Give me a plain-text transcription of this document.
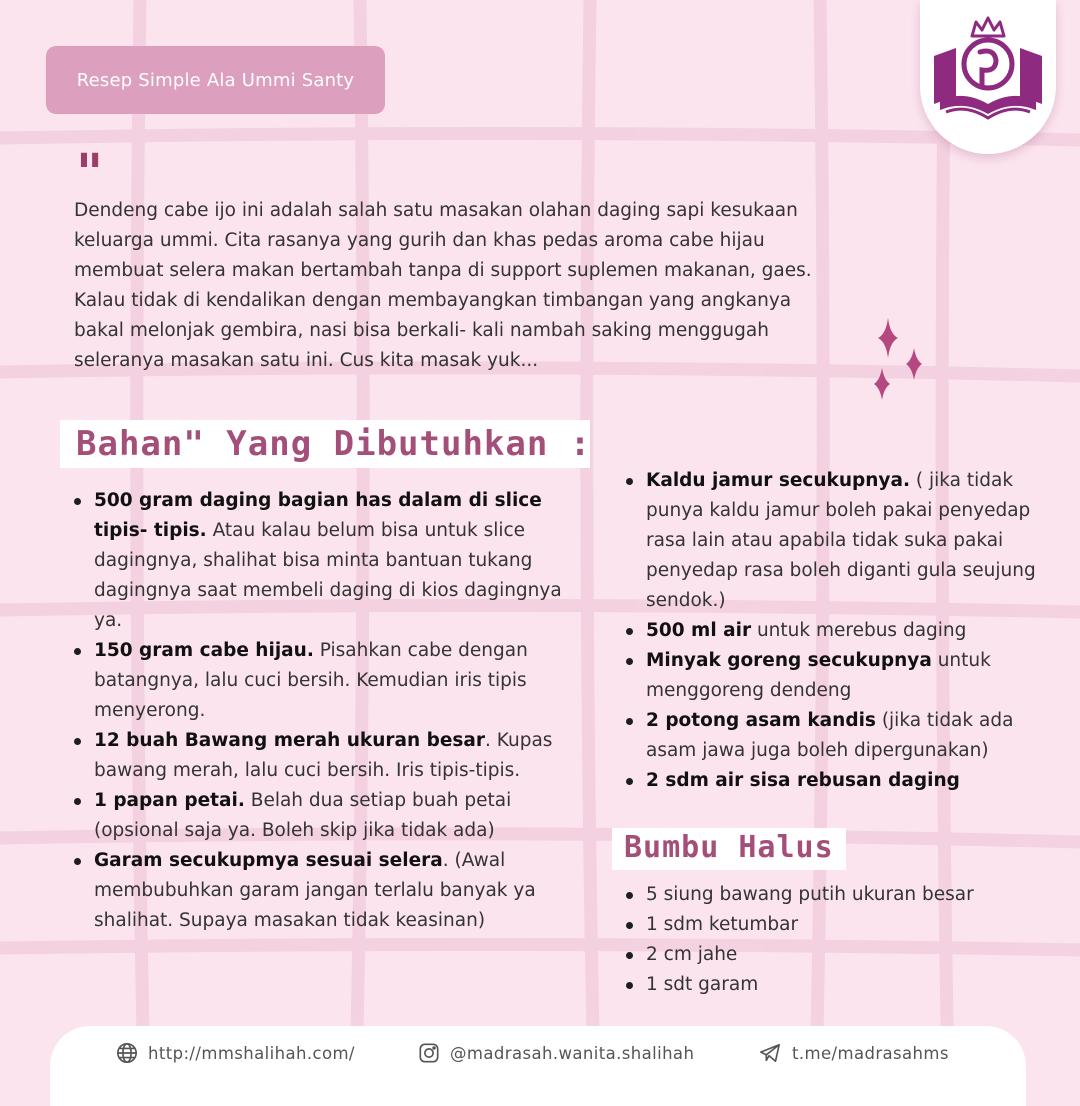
Resep Simple Ala Ummi Santy
"
Dendeng cabe ijo ini adalah salah satu masakan olahan daging sapi kesukaan
keluarga ummi. Cita rasanya yang gurih dan khas pedas aroma cabe hijau
membuat selera makan bertambah tanpa di support suplemen makanan, gaes.
Kalau tidak di kendalikan dengan membayangkan timbangan yang angkanya
bakal melonjak gembira, nasi bisa berkali- kali nambah saking menggugah
seleranya masakan satu ini. Cus kita masak yuk...
Bahan" Yang Dibutuhkan :
500 gram daging bagian has dalam di slice tipis- tipis. Atau kalau belum bisa untuk slice dagingnya, shalihat bisa minta bantuan tukang dagingnya saat membeli daging di kios dagingnya ya.
150 gram cabe hijau. Pisahkan cabe dengan batangnya, lalu cuci bersih. Kemudian iris tipis menyerong.
12 buah Bawang merah ukuran besar. Kupas bawang merah, lalu cuci bersih. Iris tipis-tipis.
1 papan petai. Belah dua setiap buah petai (opsional saja ya. Boleh skip jika tidak ada)
Garam secukupmya sesuai selera. (Awal membubuhkan garam jangan terlalu banyak ya shalihat. Supaya masakan tidak keasinan)
Kaldu jamur secukupnya. ( jika tidak punya kaldu jamur boleh pakai penyedap rasa lain atau apabila tidak suka pakai penyedap rasa boleh diganti gula seujung sendok.)
500 ml air untuk merebus daging
Minyak goreng secukupnya untuk menggoreng dendeng
2 potong asam kandis (jika tidak ada asam jawa juga boleh dipergunakan)
2 sdm air sisa rebusan daging
Bumbu Halus
5 siung bawang putih ukuran besar
1 sdm ketumbar
2 cm jahe
1 sdt garam
http://mmshalihah.com/	@madrasah.wanita.shalihah	t.me/madrasahms
